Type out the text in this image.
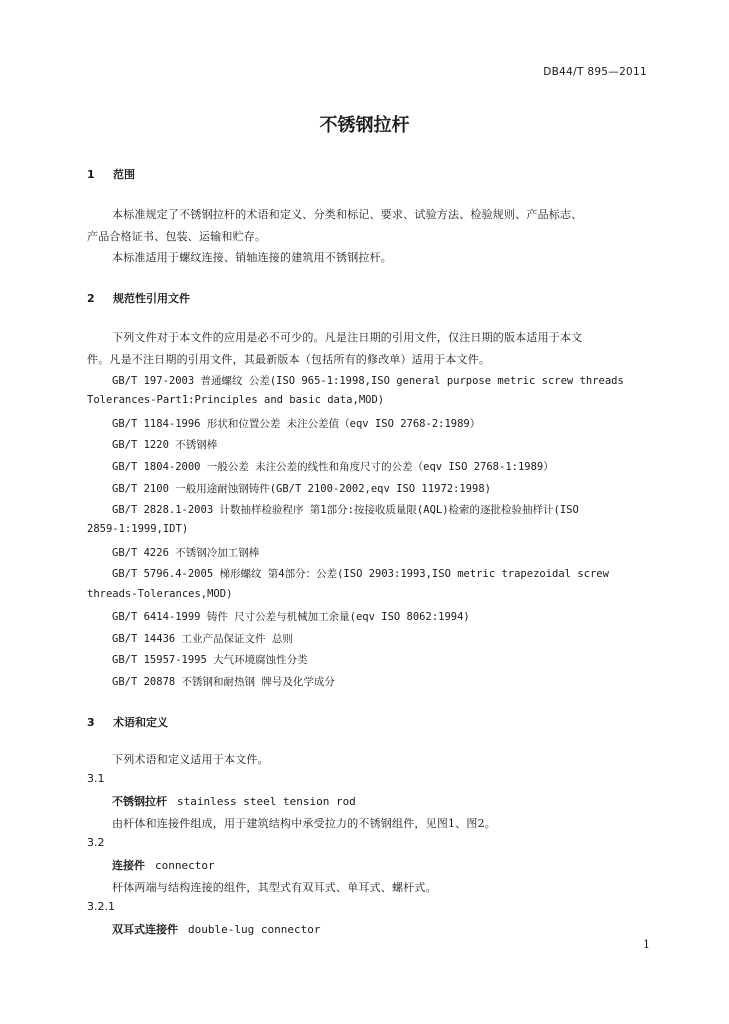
DB44/T 895—2011
不锈钢拉杆
1 范围
本标准规定了不锈钢拉杆的术语和定义、分类和标记、要求、试验方法、检验规则、产品标志、
产品合格证书、包装、运输和贮存。
本标准适用于螺纹连接、销轴连接的建筑用不锈钢拉杆。
2 规范性引用文件
下列文件对于本文件的应用是必不可少的。凡是注日期的引用文件，仅注日期的版本适用于本文
件。凡是不注日期的引用文件，其最新版本（包括所有的修改单）适用于本文件。
GB/T 197-2003 普通螺纹 公差(ISO 965-1:1998,ISO general purpose metric screw threads
Tolerances-Part1:Principles and basic data,MOD)
GB/T 1184-1996 形状和位置公差 未注公差值（eqv ISO 2768-2:1989）
GB/T 1220 不锈钢棒
GB/T 1804-2000 一般公差 未注公差的线性和角度尺寸的公差（eqv ISO 2768-1:1989）
GB/T 2100 一般用途耐蚀钢铸件(GB/T 2100-2002,eqv ISO 11972:1998)
GB/T 2828.1-2003 计数抽样检验程序 第1部分:按接收质量限(AQL)检索的逐批检验抽样计(ISO
2859-1:1999,IDT)
GB/T 4226 不锈钢冷加工钢棒
GB/T 5796.4-2005 梯形螺纹 第4部分：公差(ISO 2903:1993,ISO metric trapezoidal screw
threads-Tolerances,MOD)
GB/T 6414-1999 铸件 尺寸公差与机械加工余量(eqv ISO 8062:1994)
GB/T 14436 工业产品保证文件 总则
GB/T 15957-1995 大气环境腐蚀性分类
GB/T 20878 不锈钢和耐热钢 牌号及化学成分
3 术语和定义
下列术语和定义适用于本文件。
3.1
不锈钢拉杆 stainless steel tension rod
由杆体和连接件组成，用于建筑结构中承受拉力的不锈钢组件，见图1、图2。
3.2
连接件 connector
杆体两端与结构连接的组件，其型式有双耳式、单耳式、螺杆式。
3.2.1
双耳式连接件 double-lug connector
1
